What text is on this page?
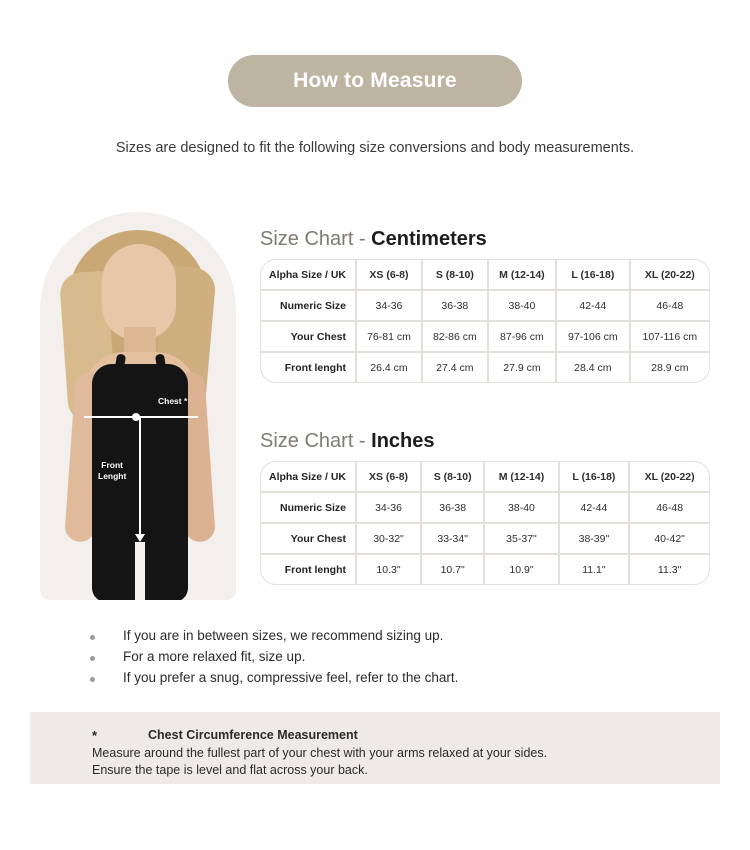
How to Measure
Sizes are designed to fit the following size conversions and body measurements.
Chest *
Front
Lenght
Size Chart - Centimeters
Alpha Size / UK	XS (6-8)	S (8-10)	M (12-14)	L (16-18)	XL (20-22)
Numeric Size	34-36	36-38	38-40	42-44	46-48
Your Chest	76-81 cm	82-86 cm	87-96 cm	97-106 cm	107-116 cm
Front lenght	26.4 cm	27.4 cm	27.9 cm	28.4 cm	28.9 cm
Size Chart - Inches
Alpha Size / UK	XS (6-8)	S (8-10)	M (12-14)	L (16-18)	XL (20-22)
Numeric Size	34-36	36-38	38-40	42-44	46-48
Your Chest	30-32"	33-34"	35-37"	38-39"	40-42"
Front lenght	10.3"	10.7"	10.9"	11.1"	11.3"
If you are in between sizes, we recommend sizing up.
For a more relaxed fit, size up.
If you prefer a snug, compressive feel, refer to the chart.
*	Chest Circumference Measurement
Measure around the fullest part of your chest with your arms relaxed at your sides.
Ensure the tape is level and flat across your back.
